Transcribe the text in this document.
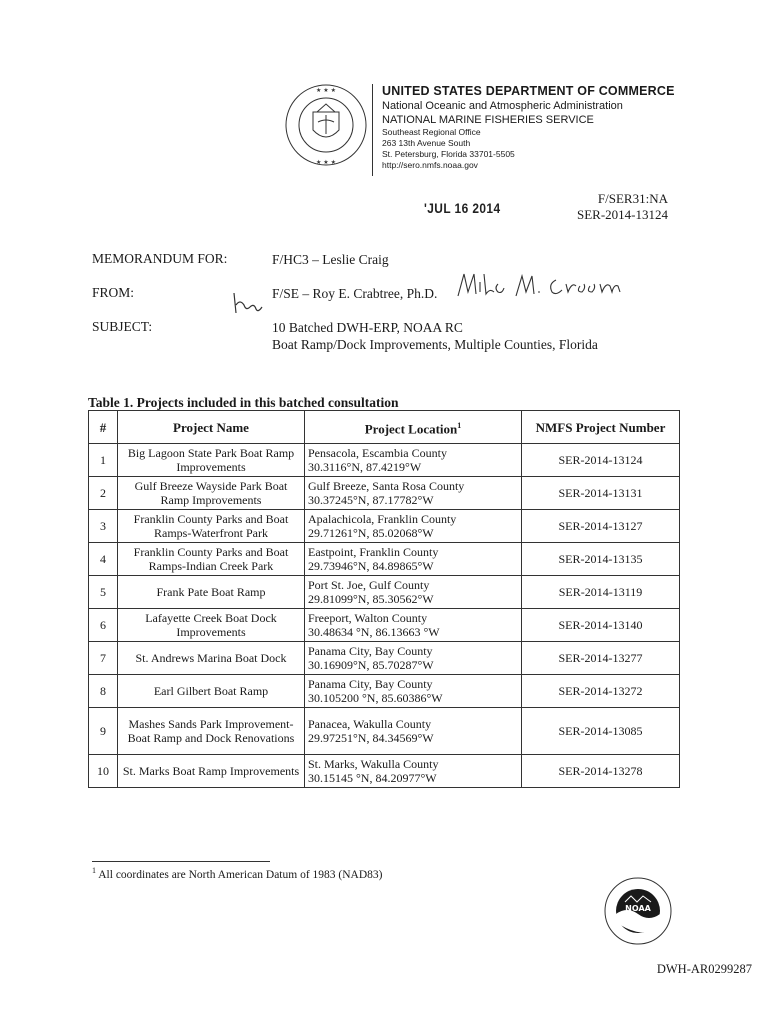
★ ★ ★
★ ★ ★
UNITED STATES DEPARTMENT OF COMMERCE
National Oceanic and Atmospheric Administration
NATIONAL MARINE FISHERIES SERVICE
Southeast Regional Office
263 13th Avenue South
St. Petersburg, Florida 33701-5505
http://sero.nmfs.noaa.gov
'JUL 16 2014
F/SER31:NA
SER-2014-13124
MEMORANDUM FOR:	F/HC3 – Leslie Craig
FROM:	F/SE – Roy E. Crabtree, Ph.D.
SUBJECT:	10 Batched DWH-ERP, NOAA RC
Boat Ramp/Dock Improvements, Multiple Counties, Florida
Table 1. Projects included in this batched consultation
#	Project Name	Project Location$^1$	NMFS Project Number
1	Big Lagoon State Park Boat Ramp Improvements	Pensacola, Escambia County
30.3116°N, 87.4219°W	SER-2014-13124
2	Gulf Breeze Wayside Park Boat Ramp Improvements	Gulf Breeze, Santa Rosa County
30.37245°N, 87.17782°W	SER-2014-13131
3	Franklin County Parks and Boat Ramps-Waterfront Park	Apalachicola, Franklin County
29.71261°N, 85.02068°W	SER-2014-13127
4	Franklin County Parks and Boat Ramps-Indian Creek Park	Eastpoint, Franklin County
29.73946°N, 84.89865°W	SER-2014-13135
5	Frank Pate Boat Ramp	Port St. Joe, Gulf County
29.81099°N, 85.30562°W	SER-2014-13119
6	Lafayette Creek Boat Dock Improvements	Freeport, Walton County
30.48634 °N, 86.13663 °W	SER-2014-13140
7	St. Andrews Marina Boat Dock	Panama City, Bay County
30.16909°N, 85.70287°W	SER-2014-13277
8	Earl Gilbert Boat Ramp	Panama City, Bay County
30.105200 °N, 85.60386°W	SER-2014-13272
9	Mashes Sands Park Improvement-Boat Ramp and Dock Renovations	Panacea, Wakulla County
29.97251°N, 84.34569°W	SER-2014-13085
10	St. Marks Boat Ramp Improvements	St. Marks, Wakulla County
30.15145 °N, 84.20977°W	SER-2014-13278
$^1$ All coordinates are North American Datum of 1983 (NAD83)
NOAA
DWH-AR0299287
